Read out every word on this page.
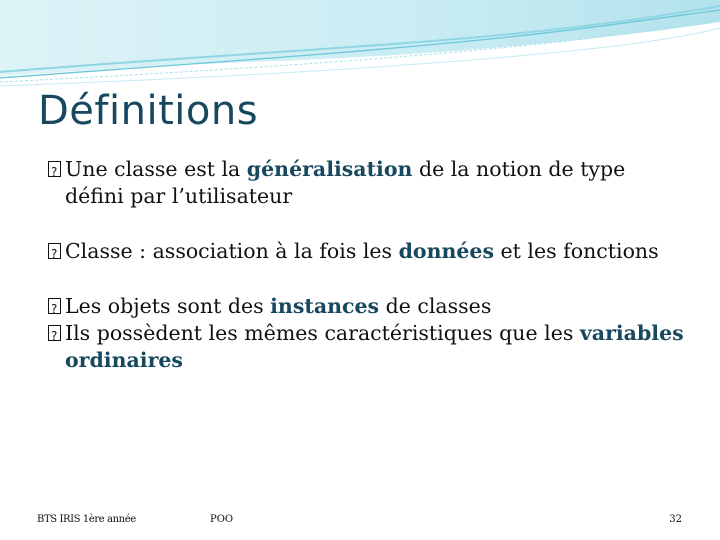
Définitions

?
Une classe est la généralisation de la notion de type défini par l’utilisateur

?
Classe : association à la fois les données et les fonctions

?
Les objets sont des instances de classes

?
Ils possèdent les mêmes caractéristiques que les variables ordinaires

BTS IRIS 1ère année	POO	32
